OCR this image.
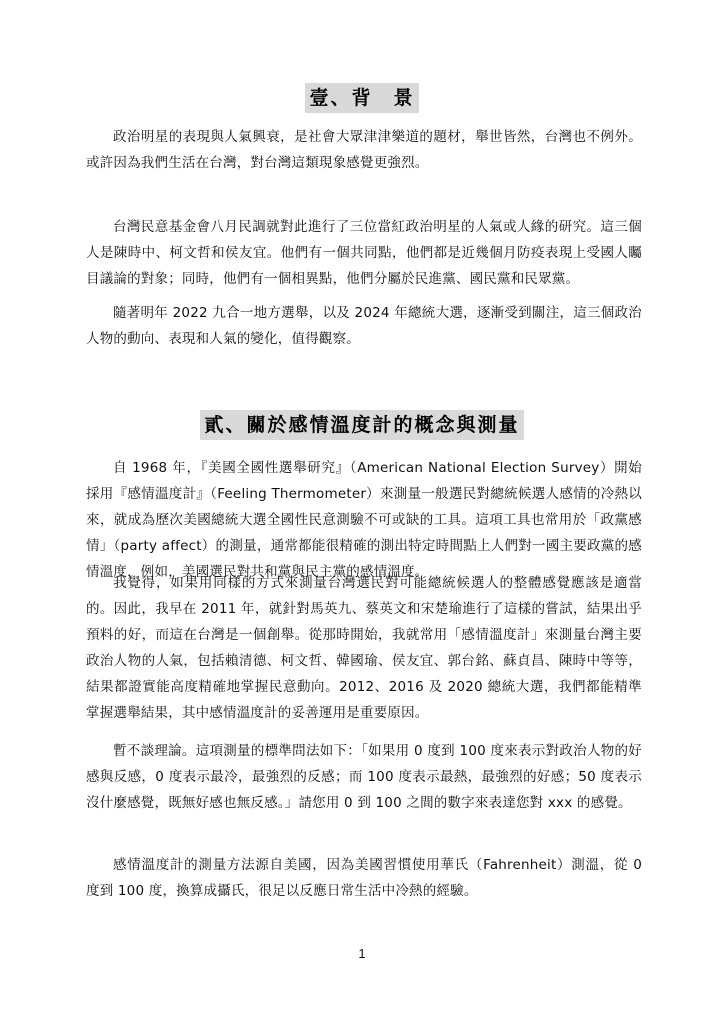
壹、背　景

政治明星的表現與人氣興衰，是社會大眾津津樂道的題材，舉世皆然，台灣也不例外。或許因為我們生活在台灣，對台灣這類現象感覺更強烈。

台灣民意基金會八月民調就對此進行了三位當紅政治明星的人氣或人緣的研究。這三個人是陳時中、柯文哲和侯友宜。他們有一個共同點，他們都是近幾個月防疫表現上受國人矚目議論的對象；同時，他們有一個相異點，他們分屬於民進黨、國民黨和民眾黨。

隨著明年 2022 九合一地方選舉，以及 2024 年總統大選，逐漸受到關注，這三個政治人物的動向、表現和人氣的變化，值得觀察。

貳、關於感情溫度計的概念與測量

自 1968 年，『美國全國性選舉研究』（American National Election Survey）開始採用『感情溫度計』（Feeling Thermometer）來測量一般選民對總統候選人感情的冷熱以來，就成為歷次美國總統大選全國性民意測驗不可或缺的工具。這項工具也常用於「政黨感情」（party affect）的測量，通常都能很精確的測出特定時間點上人們對一國主要政黨的感情溫度，例如，美國選民對共和黨與民主黨的感情溫度。

我覺得，如果用同樣的方式來測量台灣選民對可能總統候選人的整體感覺應該是適當的。因此，我早在 2011 年，就針對馬英九、蔡英文和宋楚瑜進行了這樣的嘗試，結果出乎預料的好，而這在台灣是一個創舉。從那時開始，我就常用「感情溫度計」來測量台灣主要政治人物的人氣，包括賴清德、柯文哲、韓國瑜、侯友宜、郭台銘、蘇貞昌、陳時中等等，結果都證實能高度精確地掌握民意動向。2012、2016 及 2020 總統大選，我們都能精準掌握選舉結果，其中感情溫度計的妥善運用是重要原因。

暫不談理論。這項測量的標準問法如下：「如果用 0 度到 100 度來表示對政治人物的好感與反感，0 度表示最冷，最強烈的反感；而 100 度表示最熱，最強烈的好感；50 度表示沒什麼感覺，既無好感也無反感。」請您用 0 到 100 之間的數字來表達您對 xxx 的感覺。

感情溫度計的測量方法源自美國，因為美國習慣使用華氏（Fahrenheit）測溫，從 0 度到 100 度，換算成攝氏，很足以反應日常生活中冷熱的經驗。

1
